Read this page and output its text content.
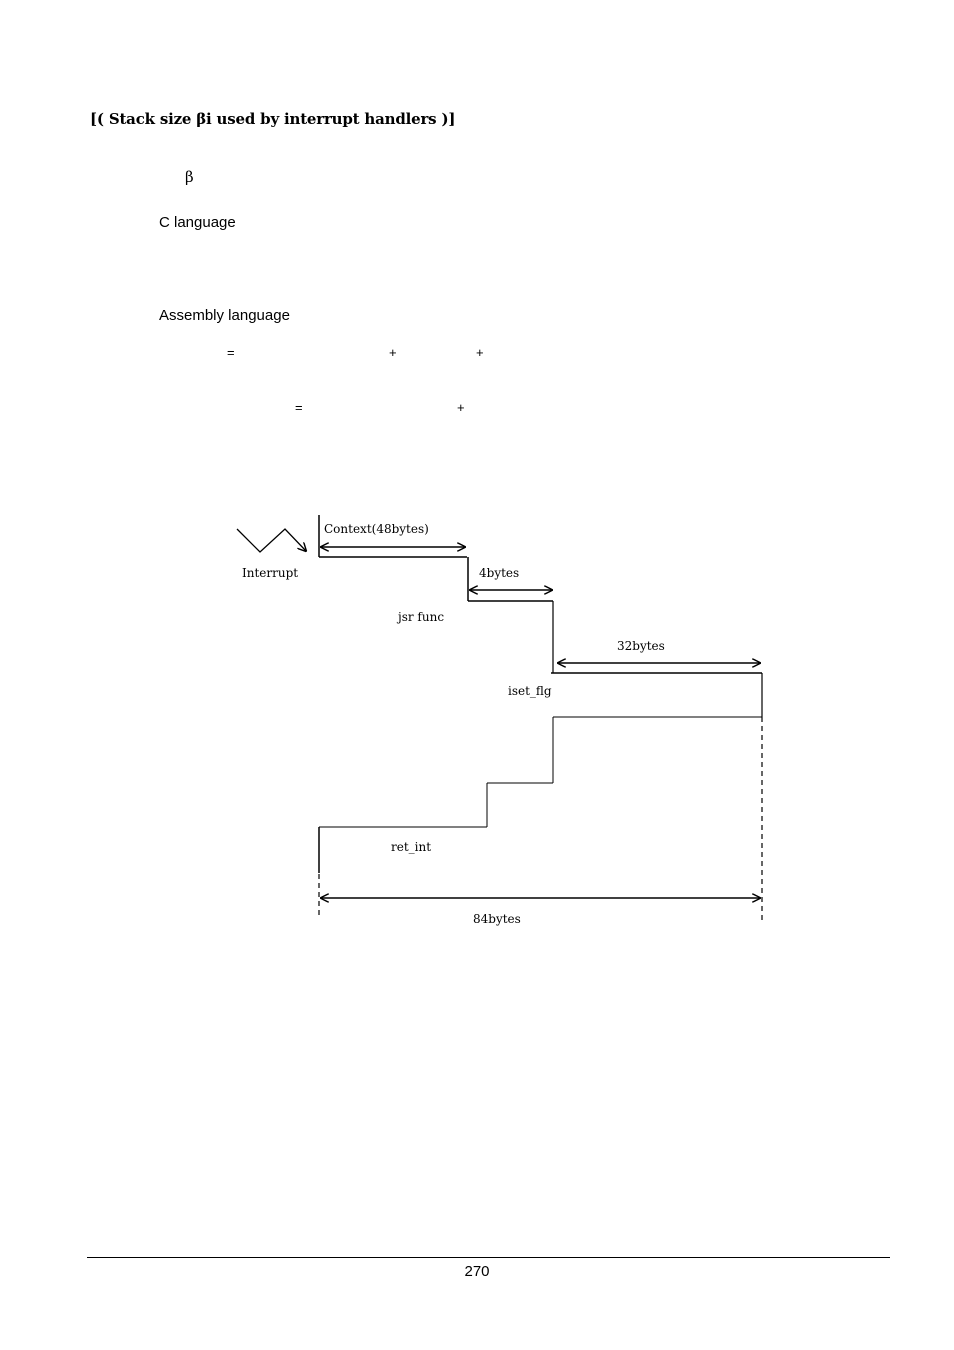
[( Stack size βi used by interrupt handlers )]
β
C language
Assembly language
=	+	+
=	+
Interrupt
Context(48bytes)
4bytes
jsr func
32bytes
iset_flg
ret_int
84bytes
270
